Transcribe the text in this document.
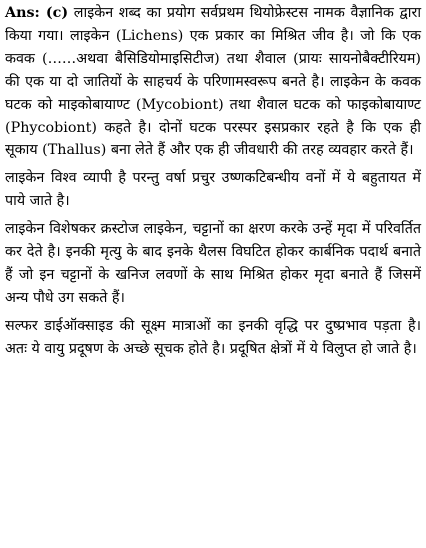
Ans: (c) लाइकेन शब्द का प्रयोग सर्वप्रथम थियोफ्रेस्टस नामक वैज्ञानिक द्वारा किया गया। लाइकेन (Lichens) एक प्रकार का मिश्रित जीव है। जो कि एक कवक (……अथवा बैसिडियोमाइसिटीज) तथा शैवाल (प्रायः सायनोबैक्टीरियम) की एक या दो जातियों के साहचर्य के परिणामस्वरूप बनते है। लाइकेन के कवक घटक को माइकोबायाण्ट (Mycobiont) तथा शैवाल घटक को फाइकोबायाण्ट (Phycobiont) कहते है। दोनों घटक परस्पर इसप्रकार रहते है कि एक ही सूकाय (Thallus) बना लेते हैं और एक ही जीवधारी की तरह व्यवहार करते हैं।

लाइकेन विश्व व्यापी है परन्तु वर्षा प्रचुर उष्णकटिबन्धीय वनों में ये बहुतायत में पाये जाते है।

लाइकेन विशेषकर क्रस्टोज लाइकेन, चट्टानों का क्षरण करके उन्हें मृदा में परिवर्तित कर देते है। इनकी मृत्यु के बाद इनके थैलस विघटित होकर कार्बनिक पदार्थ बनाते हैं जो इन चट्टानों के खनिज लवणों के साथ मिश्रित होकर मृदा बनाते हैं जिसमें अन्य पौधे उग सकते हैं।

सल्फर डाईऑक्साइड की सूक्ष्म मात्राओं का इनकी वृद्धि पर दुष्प्रभाव पड़ता है। अतः ये वायु प्रदूषण के अच्छे सूचक होते है। प्रदूषित क्षेत्रों में ये विलुप्त हो जाते है।
